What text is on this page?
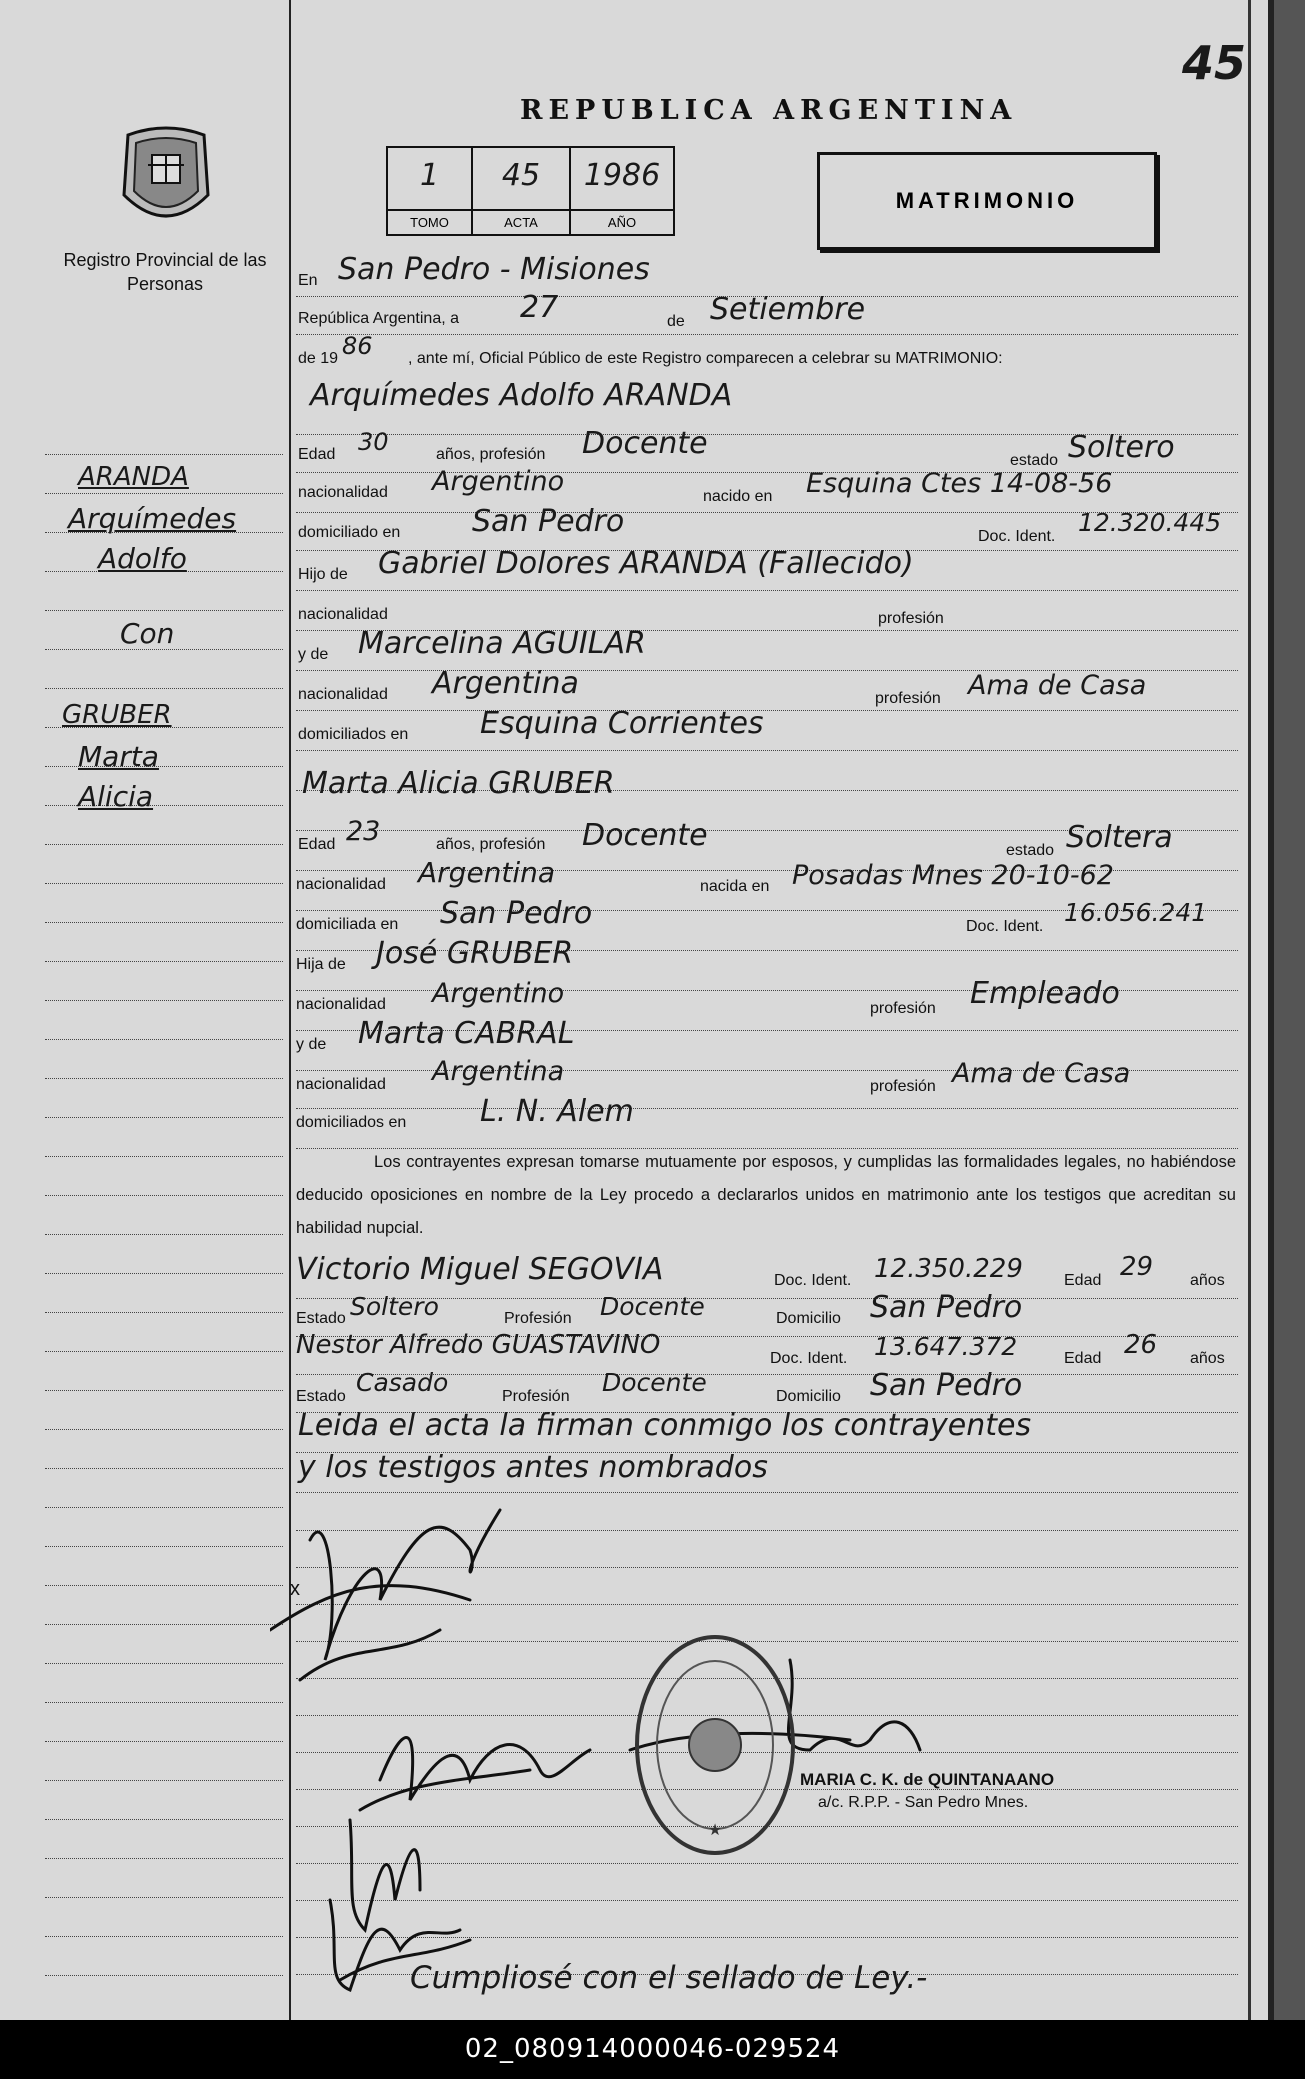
45
REPUBLICA ARGENTINA
Registro Provincial de las Personas
1
TOMO
45
ACTA
1986
AÑO
MATRIMONIO
ARANDA
Arquímedes
Adolfo
Con
GRUBER
Marta
Alicia
En San Pedro - Misiones
República Argentina, a 27	de Setiembre
de 19 86 , ante mí, Oficial Público de este Registro comparecen a celebrar su MATRIMONIO:
Arquímedes Adolfo ARANDA
Edad 30	años, profesión Docente	estado Soltero
nacionalidad Argentino	nacido en Esquina Ctes 14-08-56
domiciliado en San Pedro	Doc. Ident. 12.320.445
Hijo de Gabriel Dolores ARANDA (Fallecido)
nacionalidad	profesión
y de Marcelina AGUILAR
nacionalidad Argentina	profesión Ama de Casa
domiciliados en Esquina Corrientes
Marta Alicia GRUBER
Edad 23	años, profesión Docente	estado Soltera
nacionalidad Argentina	nacida en Posadas Mnes 20-10-62
domiciliada en San Pedro	Doc. Ident. 16.056.241
Hija de José GRUBER
nacionalidad Argentino	profesión Empleado
y de Marta CABRAL
nacionalidad Argentina	profesión Ama de Casa
domiciliados en L. N. Alem
Los contrayentes expresan tomarse mutuamente por esposos, y cumplidas las formalidades legales, no habiéndose deducido oposiciones en nombre de la Ley procedo a declararlos unidos en matrimonio ante los testigos que acreditan su habilidad nupcial.
Victorio Miguel SEGOVIA	Doc. Ident. 12.350.229	Edad 29 años
Estado Soltero	Profesión Docente	Domicilio San Pedro
Nestor Alfredo GUASTAVINO	Doc. Ident. 13.647.372	Edad 26 años
Estado Casado	Profesión Docente	Domicilio San Pedro
Leida el acta la firman conmigo los contrayentes
y los testigos antes nombrados
x
★
MARIA C. K. de QUINTANAANO
a/c. R.P.P. - San Pedro Mnes.
Cumpliosé con el sellado de Ley.-
02_080914000046-029524
